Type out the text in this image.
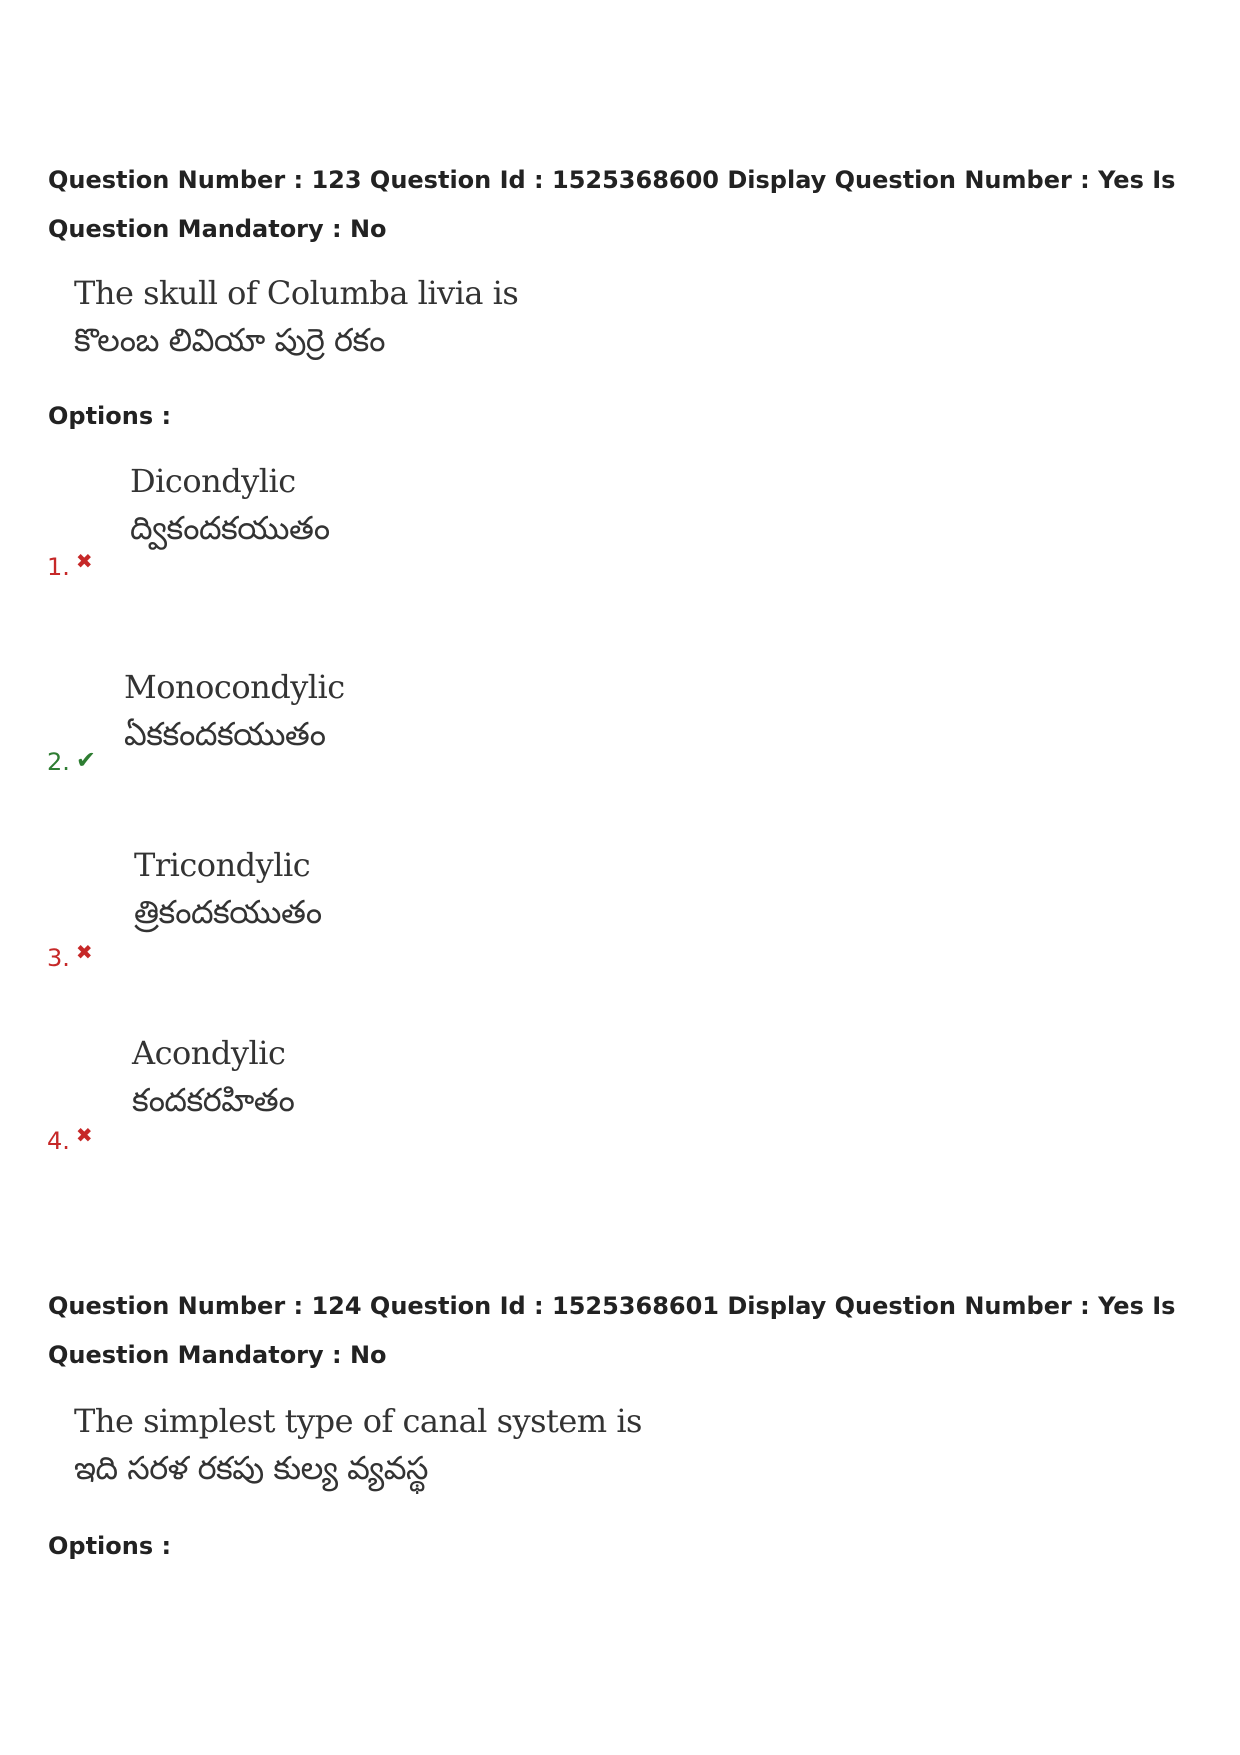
Question Number : 123 Question Id : 1525368600 Display Question Number : Yes Is Question Mandatory : No
The skull of Columba livia is
కొలంబ లివియా పుర్రె రకం
Options :
Dicondylic
ద్వికందకయుతం
1. ✖
Monocondylic
ఏకకందకయుతం
2. ✔
Tricondylic
త్రికందకయుతం
3. ✖
Acondylic
కందకరహితం
4. ✖
Question Number : 124 Question Id : 1525368601 Display Question Number : Yes Is Question Mandatory : No
The simplest type of canal system is
ఇది సరళ రకపు కుల్య వ్యవస్థ
Options :
